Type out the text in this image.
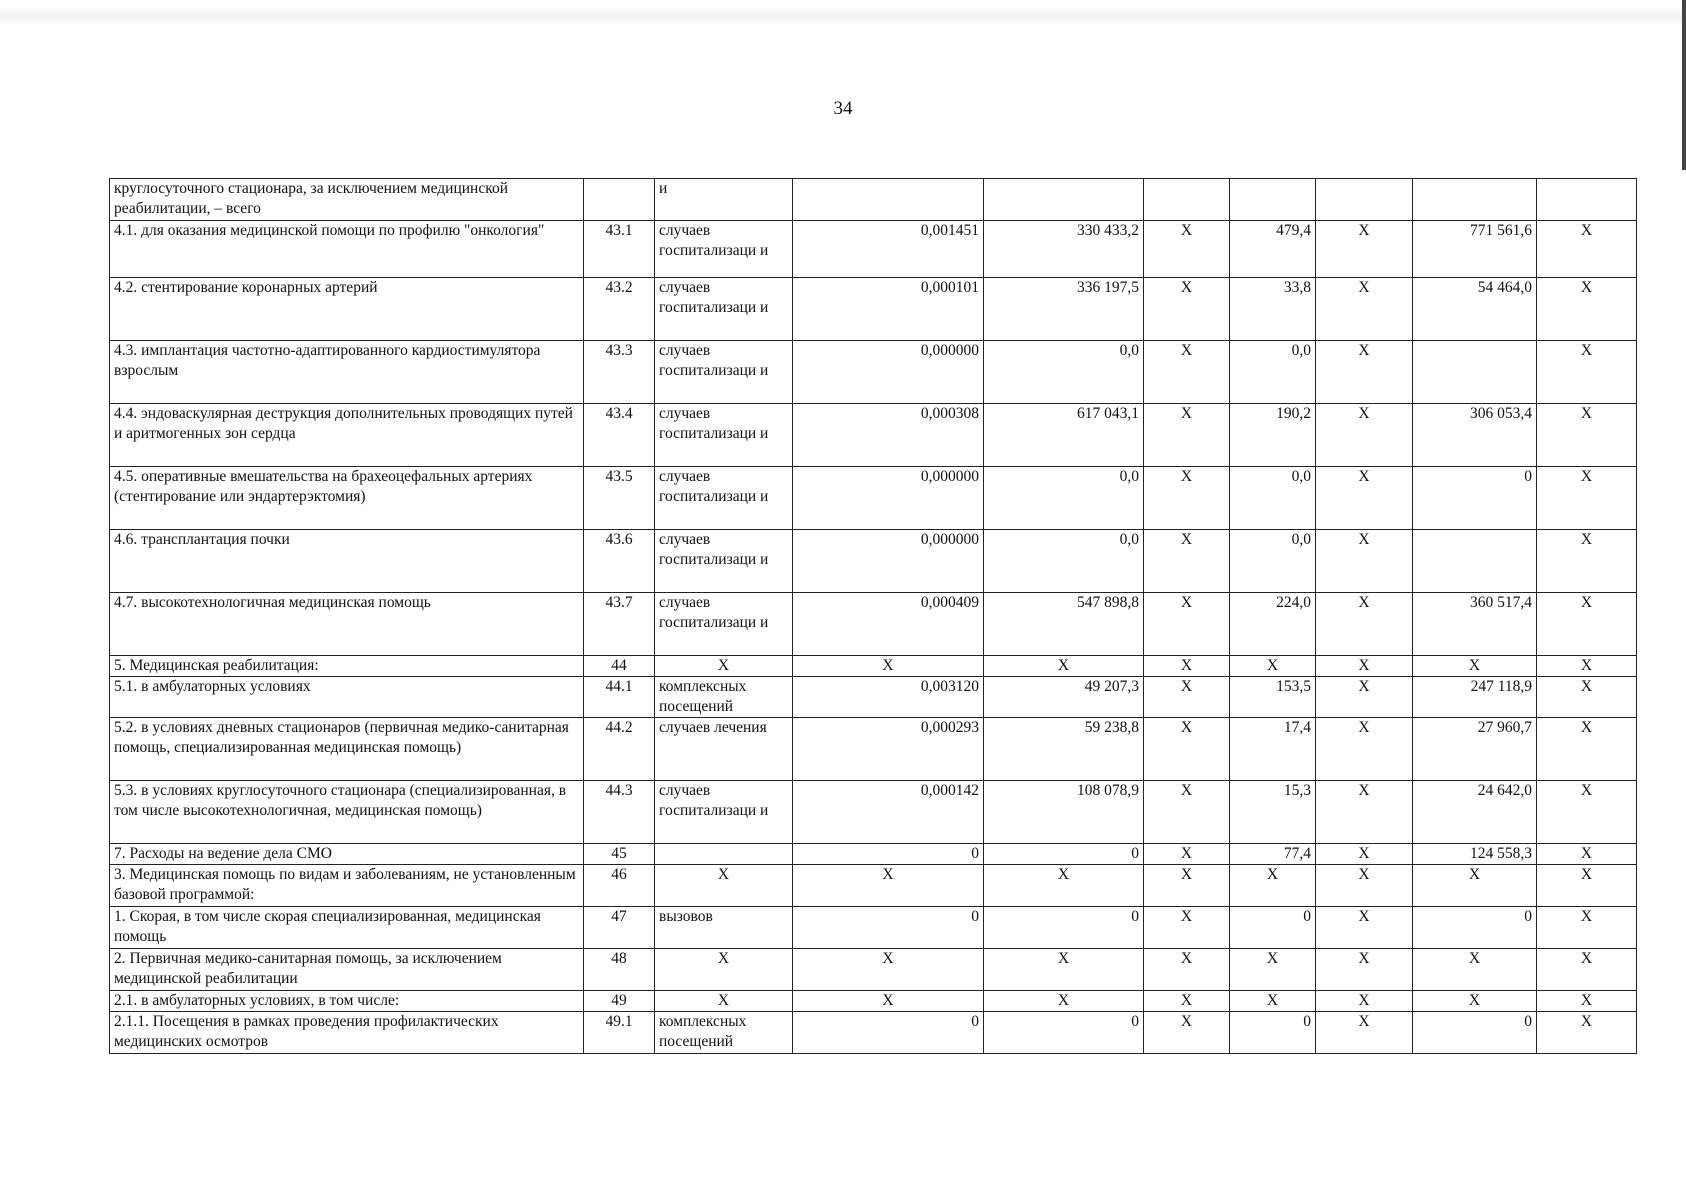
34
круглосуточного стационара, за исключением медицинской реабилитации, – всего		и							
4.1. для оказания медицинской помощи по профилю "онкология"	43.1	случаев госпитализаци и	0,001451	330 433,2	X	479,4	X	771 561,6	X
4.2. стентирование коронарных артерий	43.2	случаев госпитализаци и	0,000101	336 197,5	X	33,8	X	54 464,0	X
4.3. имплантация частотно-адаптированного кардиостимулятора взрослым	43.3	случаев госпитализаци и	0,000000	0,0	X	0,0	X		X
4.4. эндоваскулярная деструкция дополнительных проводящих путей и аритмогенных зон сердца	43.4	случаев госпитализаци и	0,000308	617 043,1	X	190,2	X	306 053,4	X
4.5. оперативные вмешательства на брахеоцефальных артериях (стентирование или эндартерэктомия)	43.5	случаев госпитализаци и	0,000000	0,0	X	0,0	X	0	X
4.6. трансплантация почки	43.6	случаев госпитализаци и	0,000000	0,0	X	0,0	X		X
4.7. высокотехнологичная медицинская помощь	43.7	случаев госпитализаци и	0,000409	547 898,8	X	224,0	X	360 517,4	X
5. Медицинская реабилитация:	44	X	X	X	X	X	X	X	X
5.1. в амбулаторных условиях	44.1	комплексных посещений	0,003120	49 207,3	X	153,5	X	247 118,9	X
5.2. в условиях дневных стационаров (первичная медико-санитарная помощь, специализированная медицинская помощь)	44.2	случаев лечения	0,000293	59 238,8	X	17,4	X	27 960,7	X
5.3. в условиях круглосуточного стационара (специализированная, в том числе высокотехнологичная, медицинская помощь)	44.3	случаев госпитализаци и	0,000142	108 078,9	X	15,3	X	24 642,0	X
7. Расходы на ведение дела СМО	45		0	0	X	77,4	X	124 558,3	X
3. Медицинская помощь по видам и заболеваниям, не установленным базовой программой:	46	X	X	X	X	X	X	X	X
1. Скорая, в том числе скорая специализированная, медицинская помощь	47	вызовов	0	0	X	0	X	0	X
2. Первичная медико-санитарная помощь, за исключением медицинской реабилитации	48	X	X	X	X	X	X	X	X
2.1. в амбулаторных условиях, в том числе:	49	X	X	X	X	X	X	X	X
2.1.1. Посещения в рамках проведения профилактических медицинских осмотров	49.1	комплексных посещений	0	0	X	0	X	0	X
